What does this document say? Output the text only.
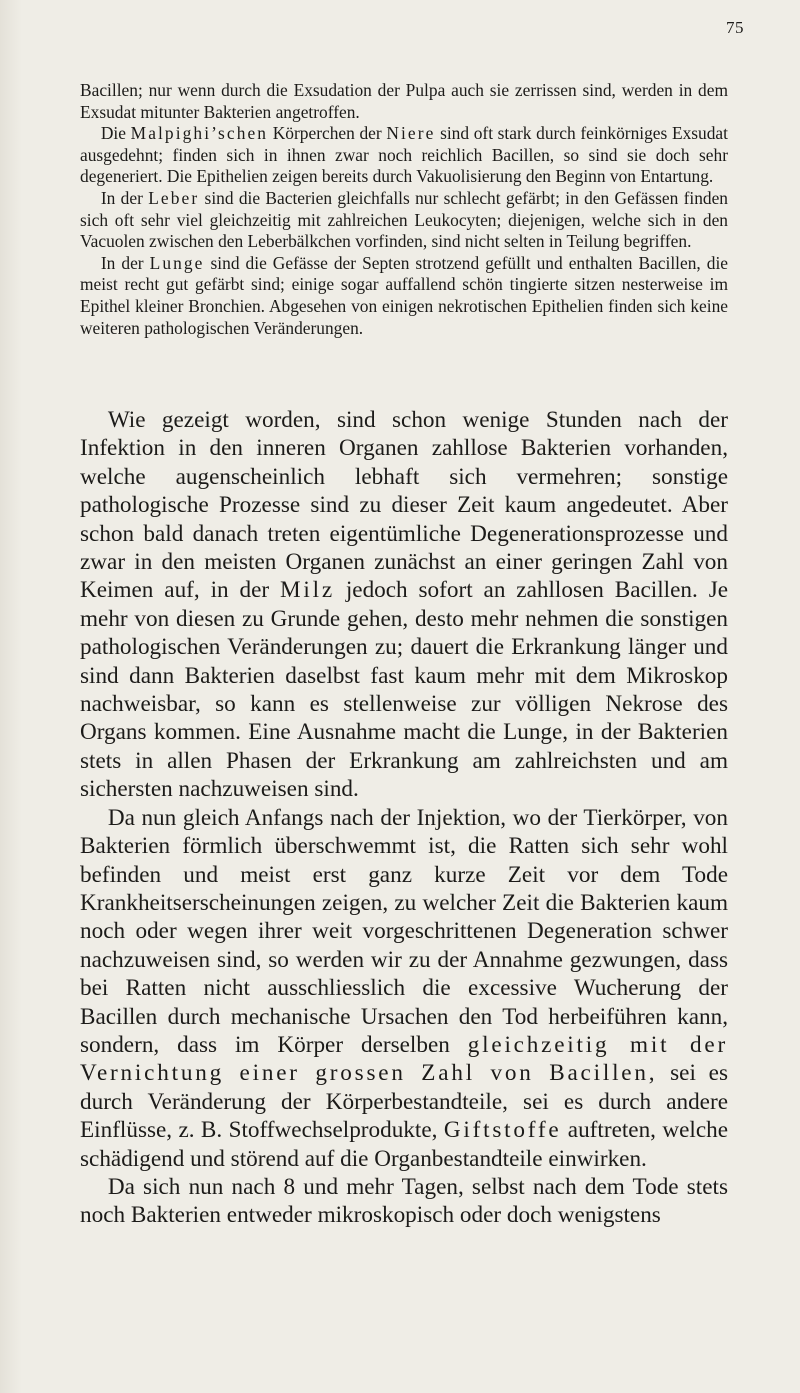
75

Bacillen; nur wenn durch die Exsudation der Pulpa auch sie zerrissen sind, werden in dem Exsudat mitunter Bakterien angetroffen.

Die Malpighi’schen Körperchen der Niere sind oft stark durch feinkörniges Exsudat ausgedehnt; finden sich in ihnen zwar noch reichlich Bacillen, so sind sie doch sehr degeneriert. Die Epithelien zeigen bereits durch Vakuolisierung den Beginn von Entartung.

In der Leber sind die Bacterien gleichfalls nur schlecht gefärbt; in den Gefässen finden sich oft sehr viel gleichzeitig mit zahlreichen Leukocyten; diejenigen, welche sich in den Vacuolen zwischen den Leberbälkchen vorfinden, sind nicht selten in Teilung begriffen.

In der Lunge sind die Gefässe der Septen strotzend gefüllt und enthalten Bacillen, die meist recht gut gefärbt sind; einige sogar auffallend schön tingierte sitzen nesterweise im Epithel kleiner Bronchien. Abgesehen von einigen nekrotischen Epithelien finden sich keine weiteren pathologischen Veränderungen.

Wie gezeigt worden, sind schon wenige Stunden nach der Infektion in den inneren Organen zahllose Bakterien vorhanden, welche augenscheinlich lebhaft sich vermehren; sonstige pathologische Prozesse sind zu dieser Zeit kaum angedeutet. Aber schon bald danach treten eigentümliche Degenerationsprozesse und zwar in den meisten Organen zunächst an einer geringen Zahl von Keimen auf, in der Milz jedoch sofort an zahllosen Bacillen. Je mehr von diesen zu Grunde gehen, desto mehr nehmen die sonstigen pathologischen Veränderungen zu; dauert die Erkrankung länger und sind dann Bakterien daselbst fast kaum mehr mit dem Mikroskop nachweisbar, so kann es stellenweise zur völligen Nekrose des Organs kommen. Eine Ausnahme macht die Lunge, in der Bakterien stets in allen Phasen der Erkrankung am zahlreichsten und am sichersten nachzuweisen sind.

Da nun gleich Anfangs nach der Injektion, wo der Tierkörper, von Bakterien förmlich überschwemmt ist, die Ratten sich sehr wohl befinden und meist erst ganz kurze Zeit vor dem Tode Krankheitserscheinungen zeigen, zu welcher Zeit die Bakterien kaum noch oder wegen ihrer weit vorgeschrittenen Degeneration schwer nachzuweisen sind, so werden wir zu der Annahme gezwungen, dass bei Ratten nicht ausschliesslich die excessive Wucherung der Bacillen durch mechanische Ursachen den Tod herbeiführen kann, sondern, dass im Körper derselben gleichzeitig mit der Vernichtung einer grossen Zahl von Bacillen, sei es durch Veränderung der Körperbestandteile, sei es durch andere Einflüsse, z. B. Stoffwechselprodukte, Giftstoffe auftreten, welche schädigend und störend auf die Organbestandteile einwirken.

Da sich nun nach 8 und mehr Tagen, selbst nach dem Tode stets noch Bakterien entweder mikroskopisch oder doch wenigstens
